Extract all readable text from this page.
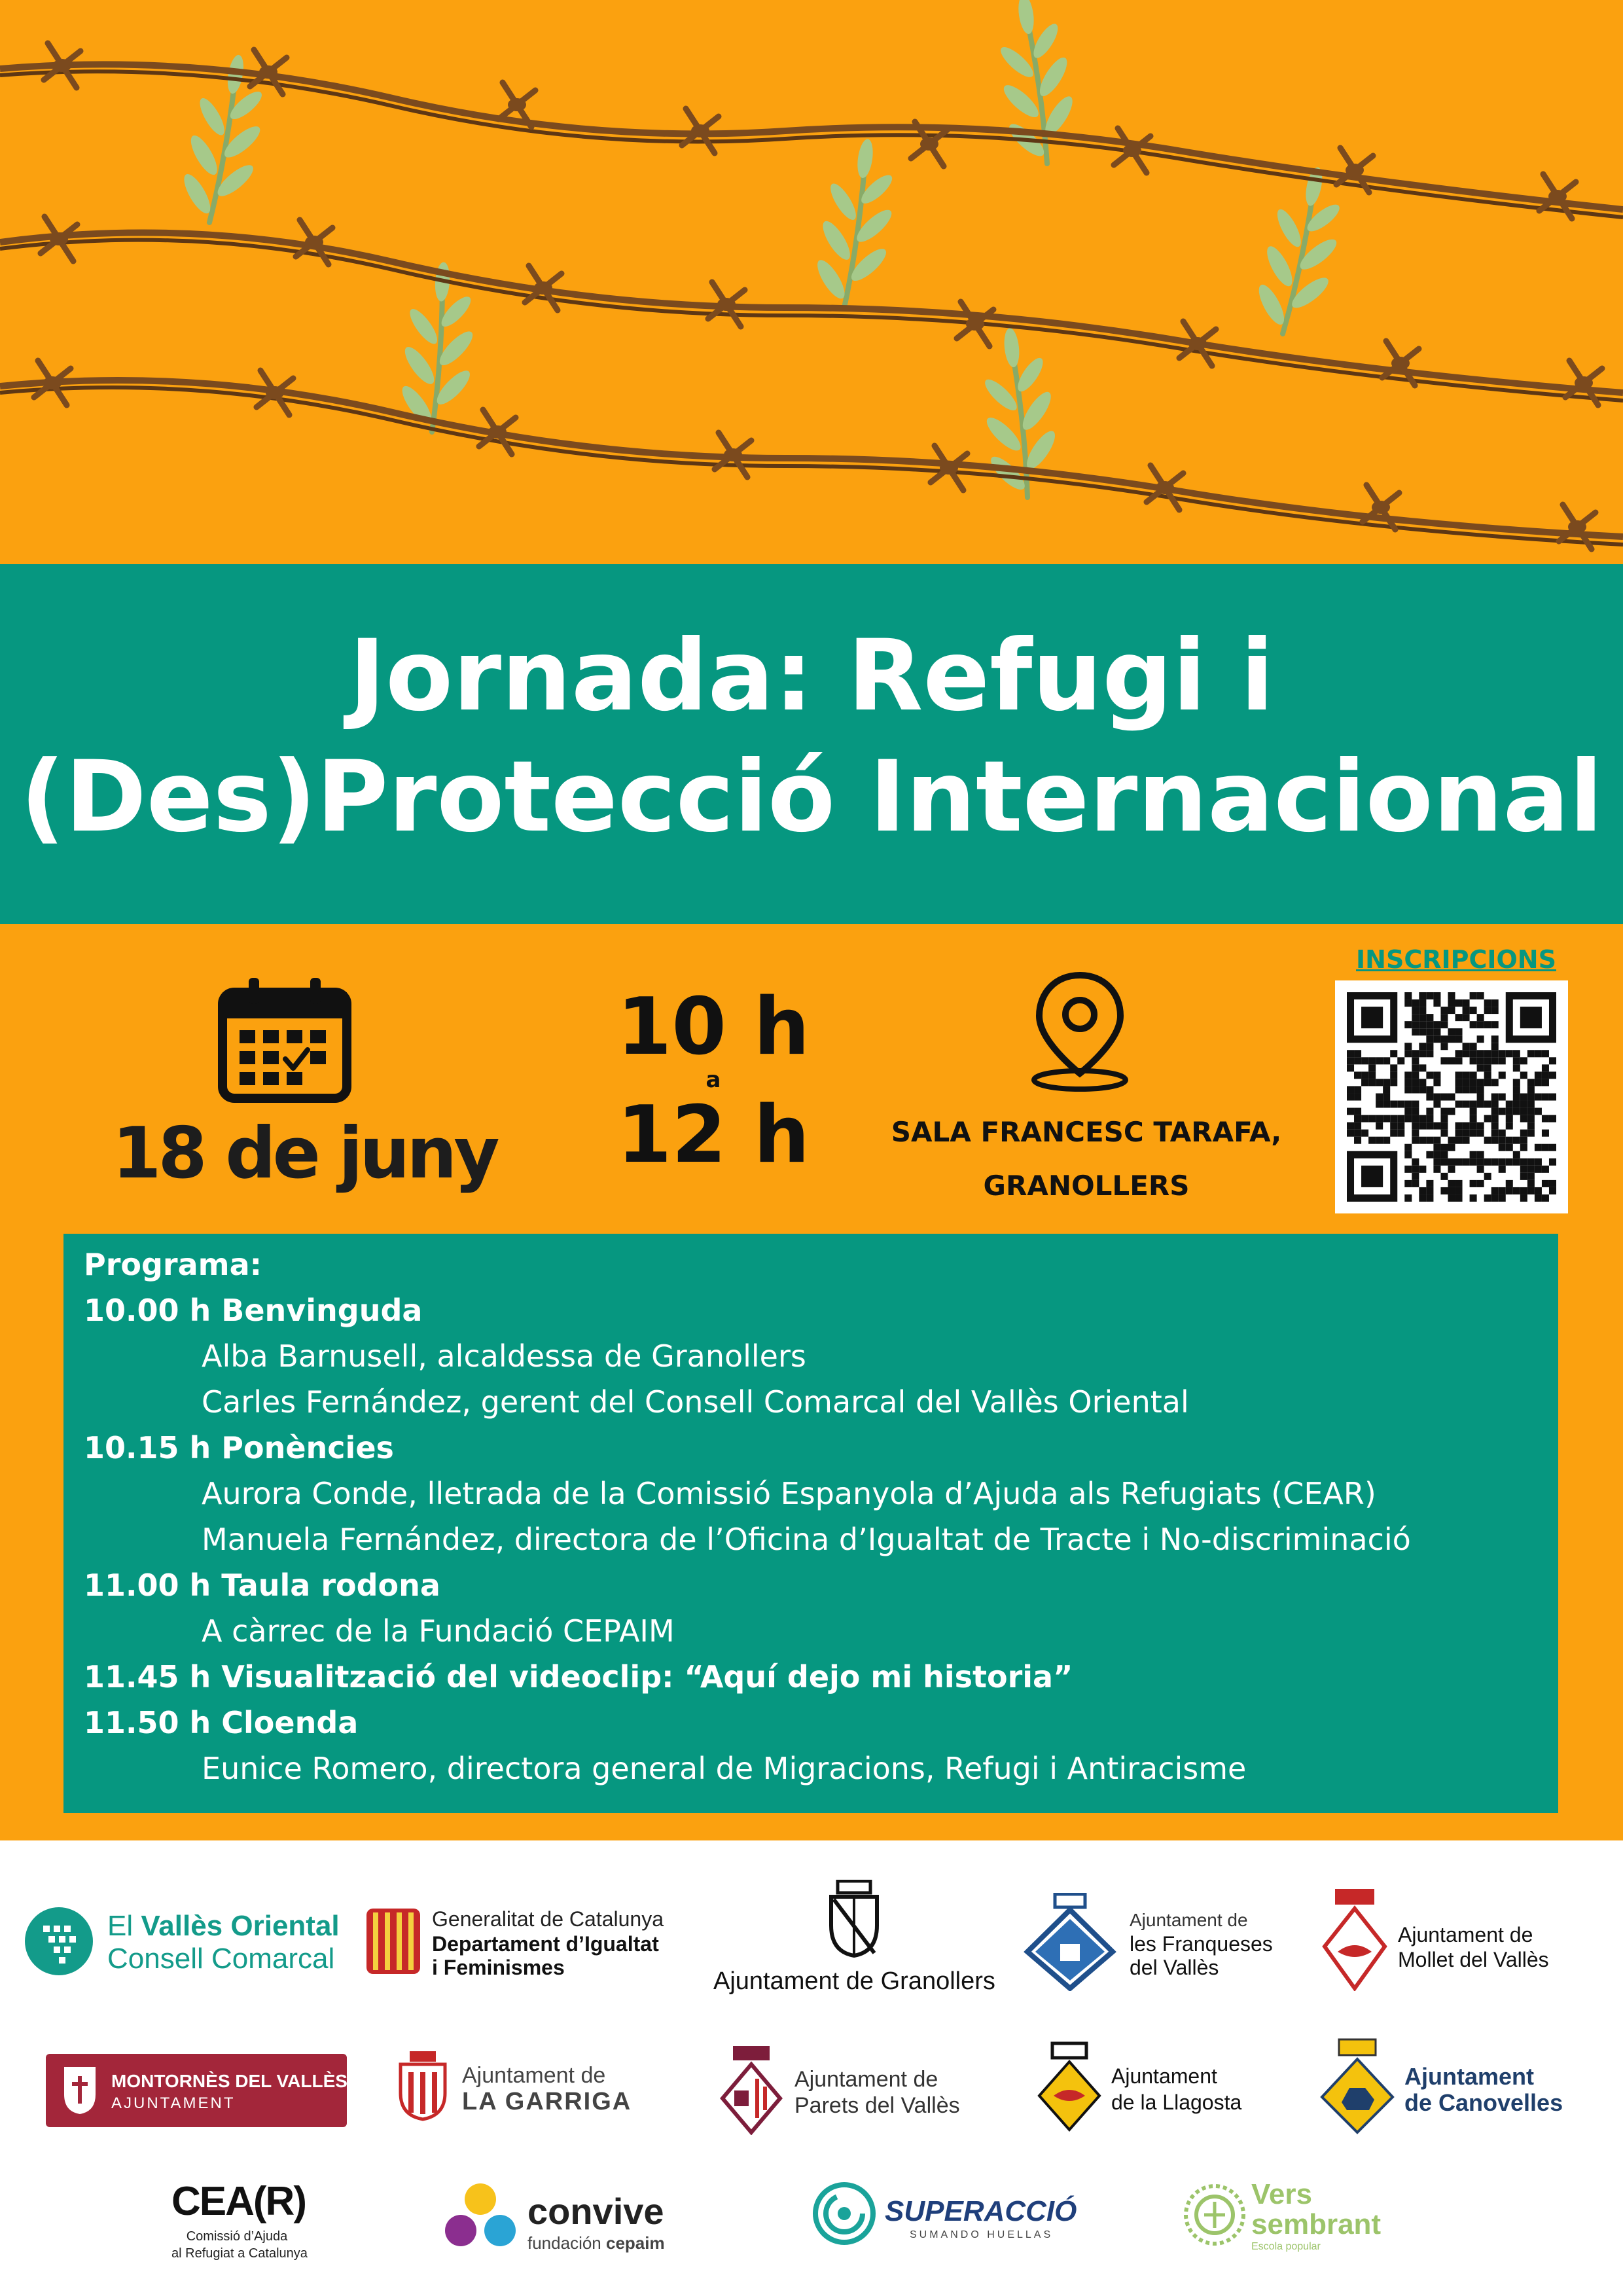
Jornada: Refugi i
(Des)Protecció Internacional
18 de juny
10 h
a
12 h	SALA FRANCESC TARAFA,
GRANOLLERS
INSCRIPCIONS
Programa:
10.00 h Benvinguda
Alba Barnusell, alcaldessa de Granollers
Carles Fernández, gerent del Consell Comarcal del Vallès Oriental
10.15 h Ponències
Aurora Conde, lletrada de la Comissió Espanyola d’Ajuda als Refugiats (CEAR)
Manuela Fernández, directora de l’Oficina d’Igualtat de Tracte i No-discriminació
11.00 h Taula rodona
A càrrec de la Fundació CEPAIM
11.45 h Visualització del videoclip: “Aquí dejo mi historia”
11.50 h Cloenda
Eunice Romero, directora general de Migracions, Refugi i Antiracisme
El Vallès Oriental
Consell Comarcal
Generalitat de Catalunya
Departament d’Igualtat
i Feminismes	Ajuntament de Granollers
Ajuntament de
les Franqueses
del Vallès
Ajuntament de
Mollet del Vallès
MONTORNÈS DEL VALLÈS
AJUNTAMENT
Ajuntament de
LA GARRIGA
Ajuntament de
Parets del Vallès
Ajuntament
de la Llagosta
Ajuntament
de Canovelles
CEA(R)
Comissió d’Ajuda
al Refugiat a Catalunya
convive
fundación cepaim
SUPERACCIÓ
SUMANDO HUELLAS
Vers
sembrant
Escola popular
